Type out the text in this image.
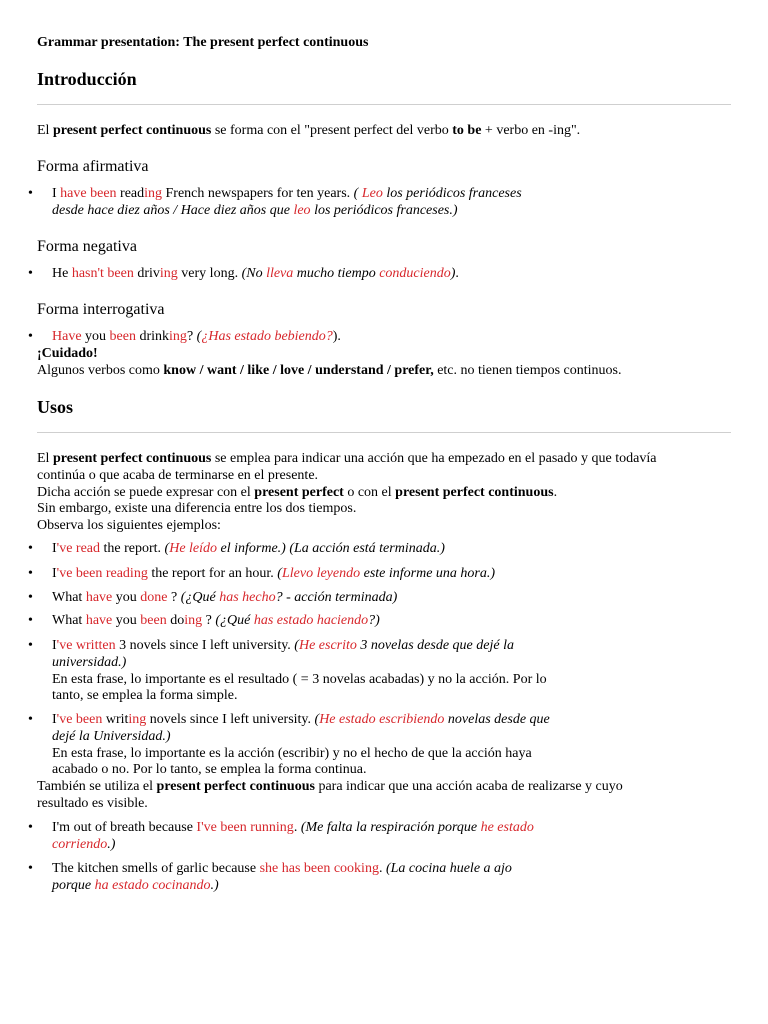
Grammar presentation: The present perfect continuous
Introducción
El present perfect continuous se forma con el "present perfect del verbo to be + verbo en -ing".
Forma afirmativa
• I have been reading French newspapers for ten years. ( Leo los periódicos franceses
desde hace diez años / Hace diez años que leo los periódicos franceses.)
Forma negativa
• He hasn't been driving very long. (No lleva mucho tiempo conduciendo).
Forma interrogativa
• Have you been drinking? (¿Has estado bebiendo?).
¡Cuidado!
Algunos verbos como know / want / like / love / understand / prefer, etc. no tienen tiempos continuos.
Usos
El present perfect continuous se emplea para indicar una acción que ha empezado en el pasado y que todavía
continúa o que acaba de terminarse en el presente.
Dicha acción se puede expresar con el present perfect o con el present perfect continuous.
Sin embargo, existe una diferencia entre los dos tiempos.
Observa los siguientes ejemplos:
• I've read the report. (He leído el informe.) (La acción está terminada.)
• I've been reading the report for an hour. (Llevo leyendo este informe una hora.)
• What have you done ? (¿Qué has hecho? - acción terminada)
• What have you been doing ? (¿Qué has estado haciendo?)
• I've written 3 novels since I left university. (He escrito 3 novelas desde que dejé la
universidad.)
En esta frase, lo importante es el resultado ( = 3 novelas acabadas) y no la acción. Por lo
tanto, se emplea la forma simple.
• I've been writing novels since I left university. (He estado escribiendo novelas desde que
dejé la Universidad.)
En esta frase, lo importante es la acción (escribir) y no el hecho de que la acción haya
acabado o no. Por lo tanto, se emplea la forma continua.
También se utiliza el present perfect continuous para indicar que una acción acaba de realizarse y cuyo
resultado es visible.
• I'm out of breath because I've been running. (Me falta la respiración porque he estado
corriendo.)
• The kitchen smells of garlic because she has been cooking. (La cocina huele a ajo
porque ha estado cocinando.)
